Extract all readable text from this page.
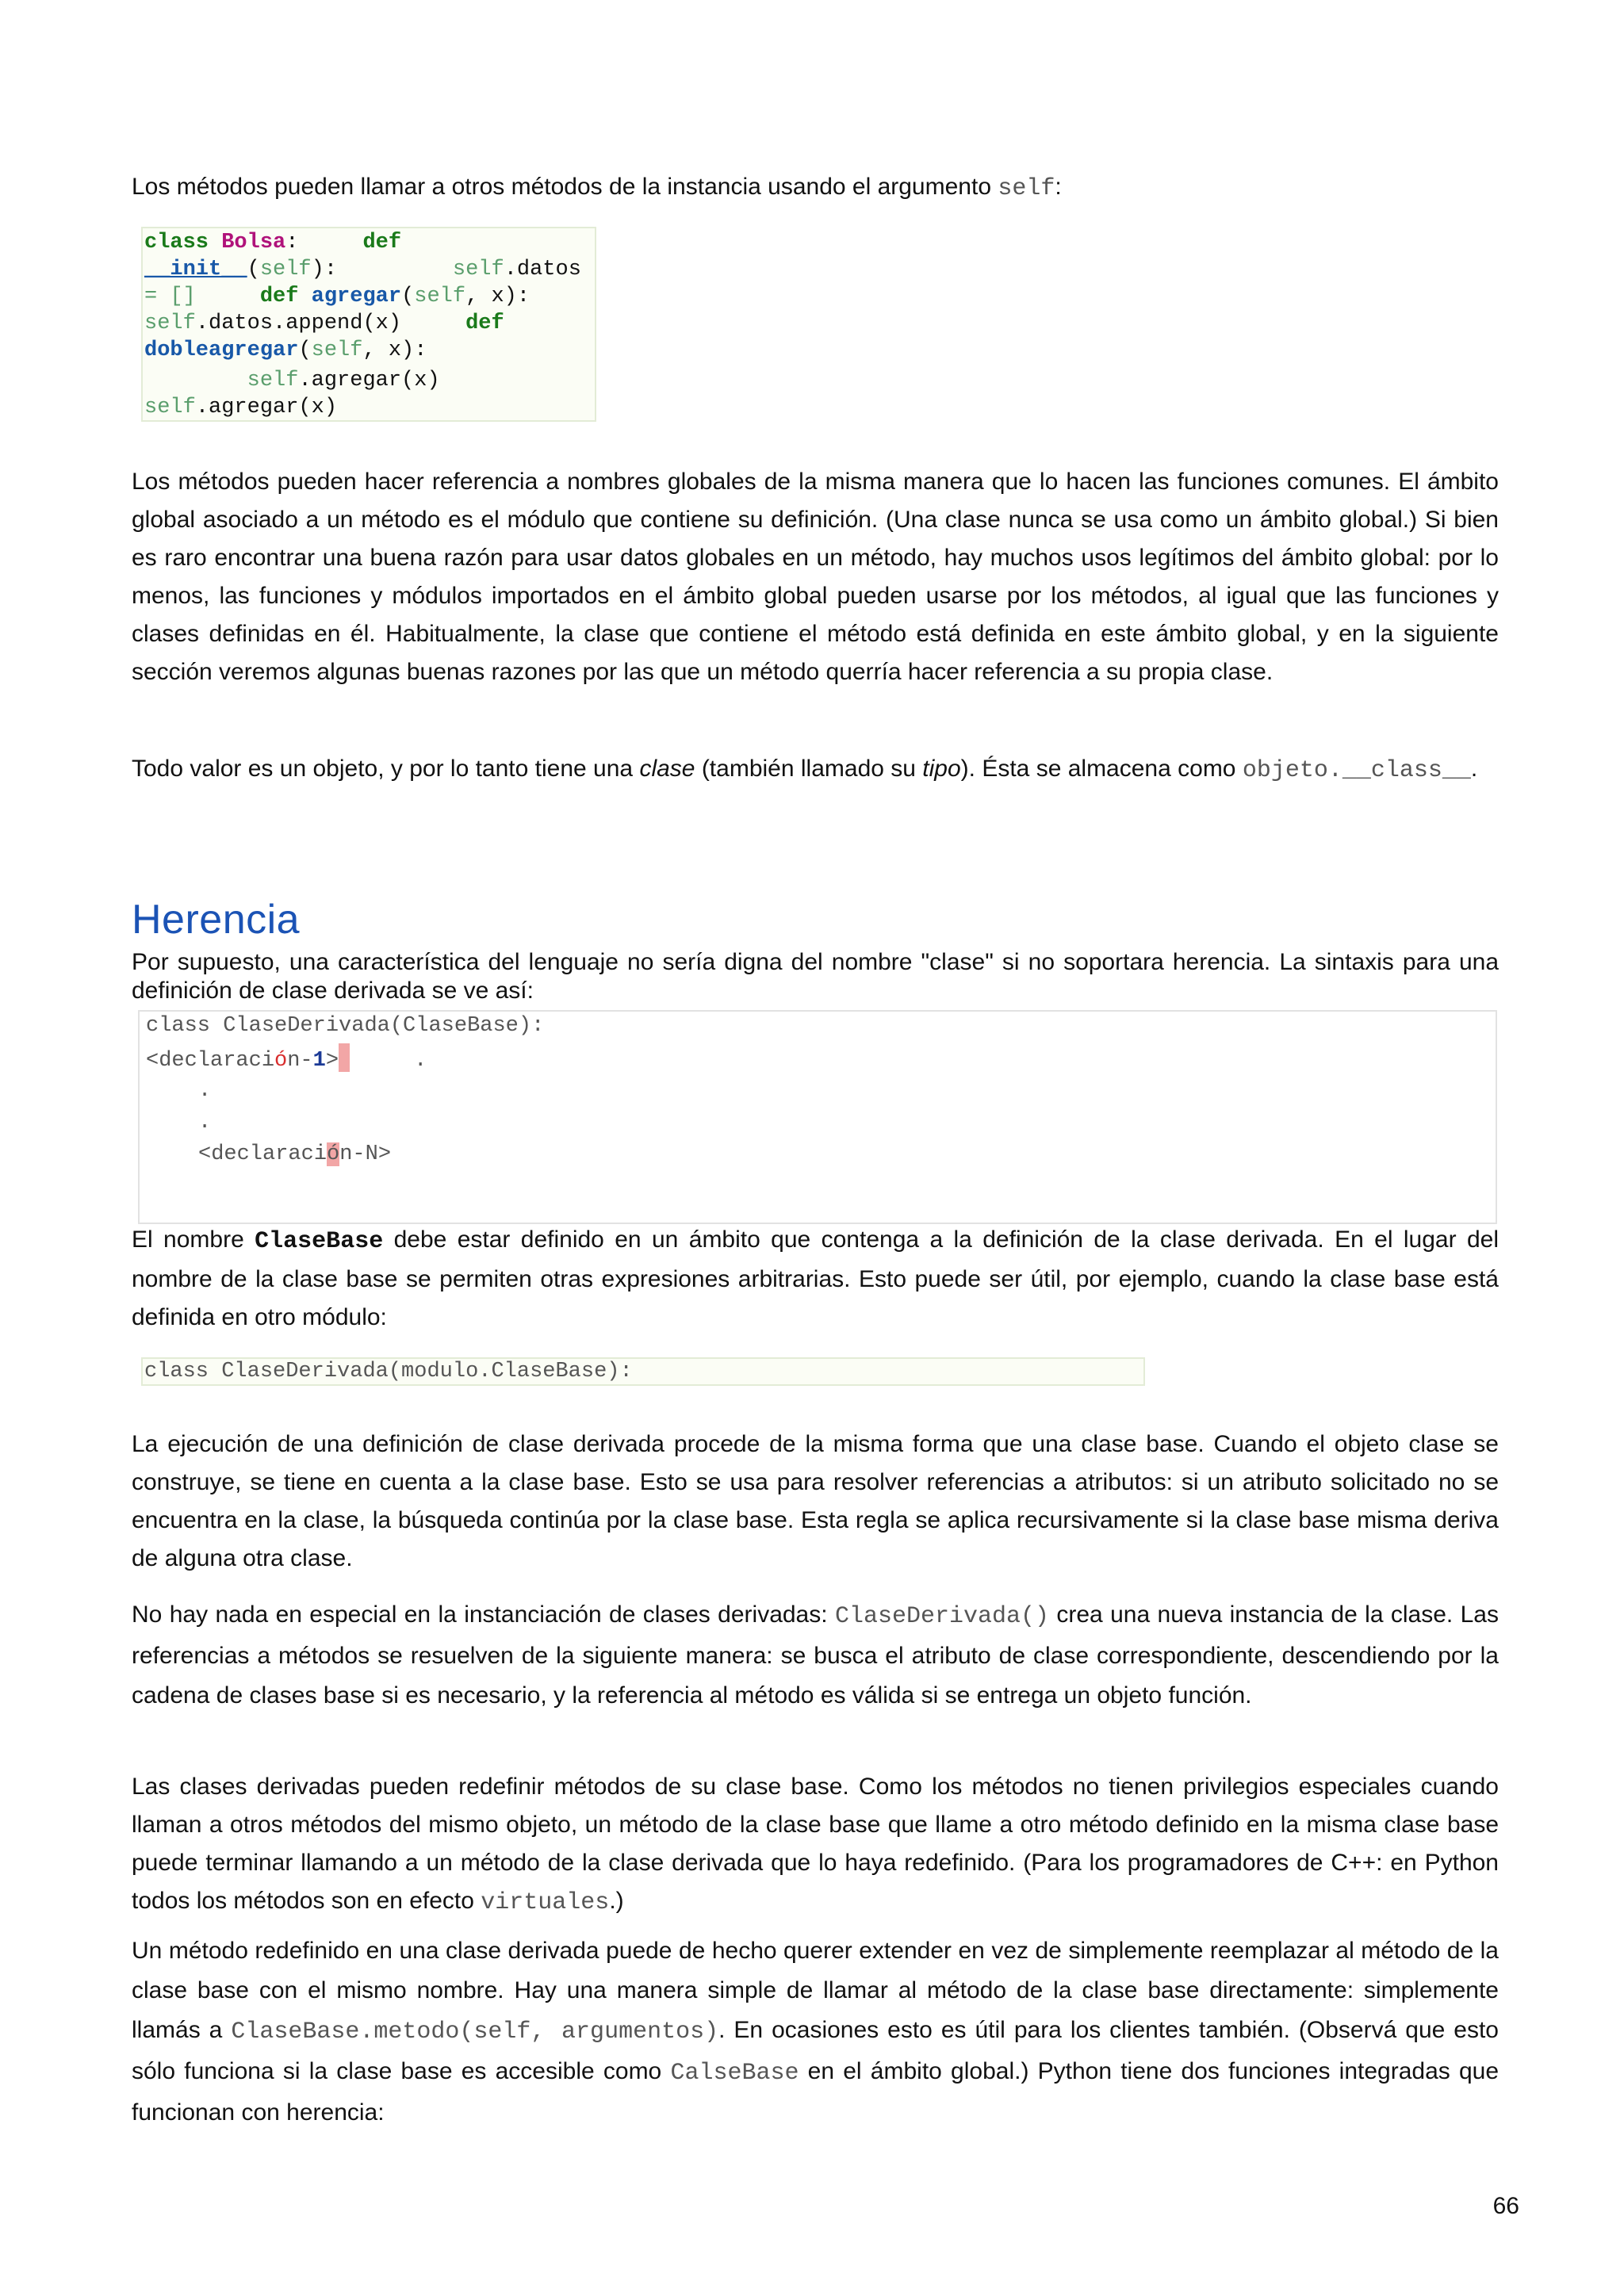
Los métodos pueden llamar a otros métodos de la instancia usando el argumento self:

class Bolsa:	def
__init__(self):	self.datos
= []	def agregar(self, x):
self.datos.append(x)	def
dobleagregar(self, x):
self.agregar(x)
self.agregar(x)

Los métodos pueden hacer referencia a nombres globales de la misma manera que lo hacen las funciones comunes. El ámbito global asociado a un método es el módulo que contiene su definición. (Una clase nunca se usa como un ámbito global.) Si bien es raro encontrar una buena razón para usar datos globales en un método, hay muchos usos legítimos del ámbito global: por lo menos, las funciones y módulos importados en el ámbito global pueden usarse por los métodos, al igual que las funciones y clases definidas en él. Habitualmente, la clase que contiene el método está definida en este ámbito global, y en la siguiente sección veremos algunas buenas razones por las que un método querría hacer referencia a su propia clase.

Todo valor es un objeto, y por lo tanto tiene una clase (también llamado su tipo). Ésta se almacena como objeto.__class__.

Herencia

Por supuesto, una característica del lenguaje no sería digna del nombre "clase" si no soportara herencia. La sintaxis para una definición de clase derivada se ve así:

class ClaseDerivada(ClaseBase):

<declaración-1>	.

.

.

<declaración-N>

El nombre ClaseBase debe estar definido en un ámbito que contenga a la definición de la clase derivada. En el lugar del nombre de la clase base se permiten otras expresiones arbitrarias. Esto puede ser útil, por ejemplo, cuando la clase base está definida en otro módulo:

class ClaseDerivada(modulo.ClaseBase):

La ejecución de una definición de clase derivada procede de la misma forma que una clase base. Cuando el objeto clase se construye, se tiene en cuenta a la clase base. Esto se usa para resolver referencias a atributos: si un atributo solicitado no se encuentra en la clase, la búsqueda continúa por la clase base. Esta regla se aplica recursivamente si la clase base misma deriva de alguna otra clase.

No hay nada en especial en la instanciación de clases derivadas: ClaseDerivada() crea una nueva instancia de la clase. Las referencias a métodos se resuelven de la siguiente manera: se busca el atributo de clase correspondiente, descendiendo por la cadena de clases base si es necesario, y la referencia al método es válida si se entrega un objeto función.

Las clases derivadas pueden redefinir métodos de su clase base. Como los métodos no tienen privilegios especiales cuando llaman a otros métodos del mismo objeto, un método de la clase base que llame a otro método definido en la misma clase base puede terminar llamando a un método de la clase derivada que lo haya redefinido. (Para los programadores de C++: en Python todos los métodos son en efecto virtuales.)

Un método redefinido en una clase derivada puede de hecho querer extender en vez de simplemente reemplazar al método de la clase base con el mismo nombre. Hay una manera simple de llamar al método de la clase base directamente: simplemente llamás a ClaseBase.metodo(self, argumentos). En ocasiones esto es útil para los clientes también. (Observá que esto sólo funciona si la clase base es accesible como CalseBase en el ámbito global.) Python tiene dos funciones integradas que funcionan con herencia:

66
